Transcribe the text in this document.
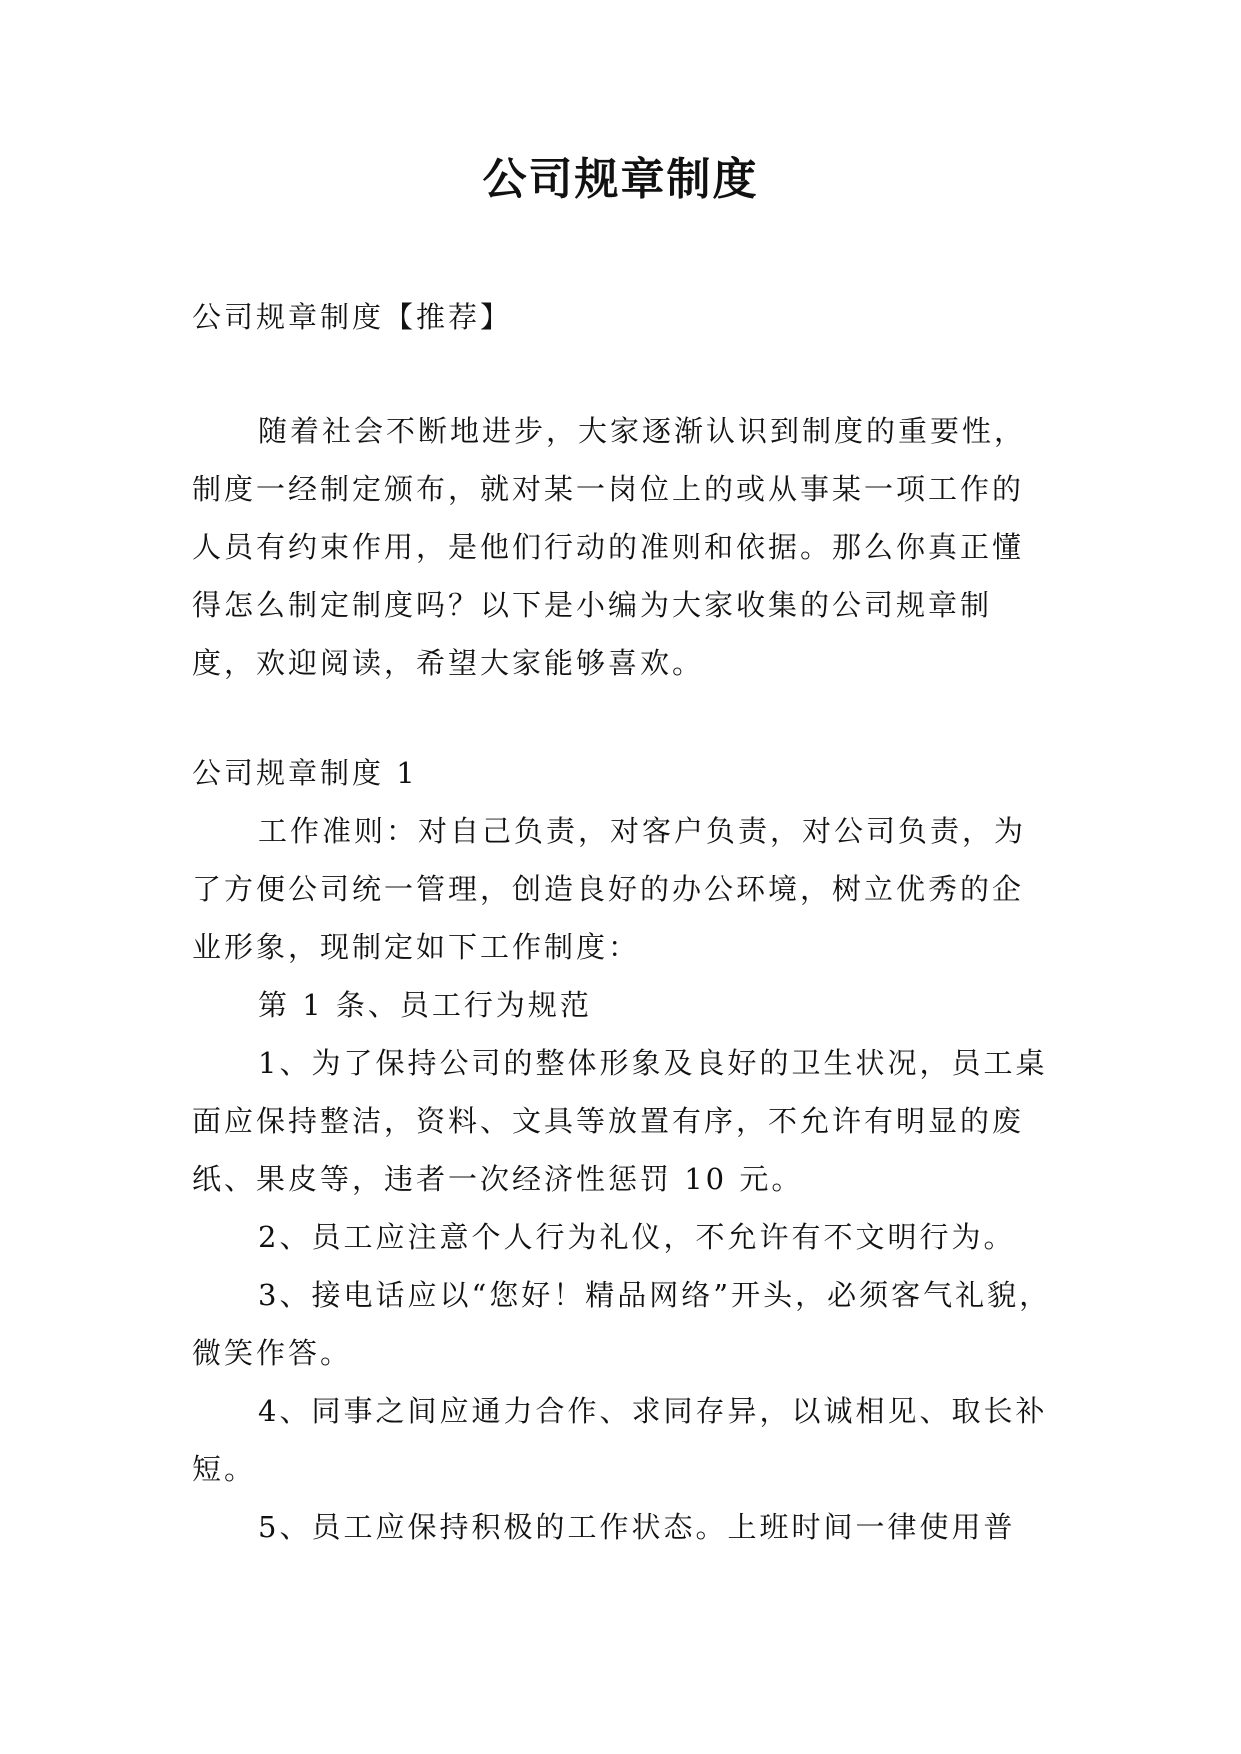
公司规章制度

公司规章制度【推荐】

随着社会不断地进步，大家逐渐认识到制度的重要性，制度一经制定颁布，就对某一岗位上的或从事某一项工作的人员有约束作用，是他们行动的准则和依据。那么你真正懂得怎么制定制度吗？以下是小编为大家收集的公司规章制度，欢迎阅读，希望大家能够喜欢。

公司规章制度 1

工作准则：对自己负责，对客户负责，对公司负责，为了方便公司统一管理，创造良好的办公环境，树立优秀的企业形象，现制定如下工作制度：

第 1 条、员工行为规范

1、为了保持公司的整体形象及良好的卫生状况，员工桌面应保持整洁，资料、文具等放置有序，不允许有明显的废纸、果皮等，违者一次经济性惩罚 10 元。

2、员工应注意个人行为礼仪，不允许有不文明行为。

3、接电话应以“您好！精品网络”开头，必须客气礼貌，微笑作答。

4、同事之间应通力合作、求同存异，以诚相见、取长补短。

5、员工应保持积极的工作状态。上班时间一律使用普
